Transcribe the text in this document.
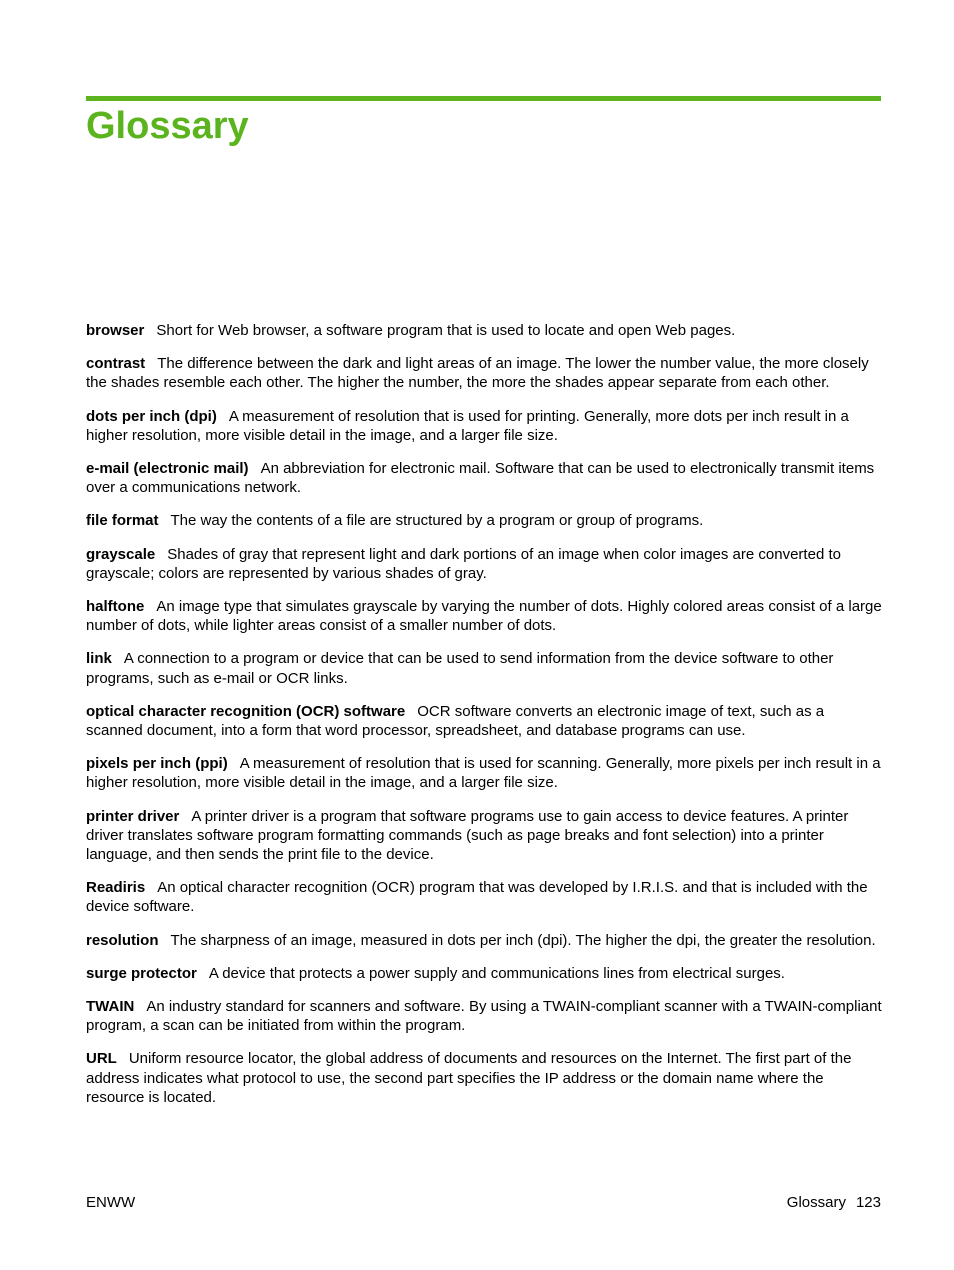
Glossary

browser Short for Web browser, a software program that is used to locate and open Web pages.

contrast The difference between the dark and light areas of an image. The lower the number value, the more closely the shades resemble each other. The higher the number, the more the shades appear separate from each other.

dots per inch (dpi) A measurement of resolution that is used for printing. Generally, more dots per inch result in a higher resolution, more visible detail in the image, and a larger file size.

e-mail (electronic mail) An abbreviation for electronic mail. Software that can be used to electronically transmit items over a communications network.

file format The way the contents of a file are structured by a program or group of programs.

grayscale Shades of gray that represent light and dark portions of an image when color images are converted to grayscale; colors are represented by various shades of gray.

halftone An image type that simulates grayscale by varying the number of dots. Highly colored areas consist of a large number of dots, while lighter areas consist of a smaller number of dots.

link A connection to a program or device that can be used to send information from the device software to other programs, such as e-mail or OCR links.

optical character recognition (OCR) software OCR software converts an electronic image of text, such as a scanned document, into a form that word processor, spreadsheet, and database programs can use.

pixels per inch (ppi) A measurement of resolution that is used for scanning. Generally, more pixels per inch result in a higher resolution, more visible detail in the image, and a larger file size.

printer driver A printer driver is a program that software programs use to gain access to device features. A printer driver translates software program formatting commands (such as page breaks and font selection) into a printer language, and then sends the print file to the device.

Readiris An optical character recognition (OCR) program that was developed by I.R.I.S. and that is included with the device software.

resolution The sharpness of an image, measured in dots per inch (dpi). The higher the dpi, the greater the resolution.

surge protector A device that protects a power supply and communications lines from electrical surges.

TWAIN An industry standard for scanners and software. By using a TWAIN-compliant scanner with a TWAIN-compliant program, a scan can be initiated from within the program.

URL Uniform resource locator, the global address of documents and resources on the Internet. The first part of the address indicates what protocol to use, the second part specifies the IP address or the domain name where the resource is located.

ENWW	Glossary 123
